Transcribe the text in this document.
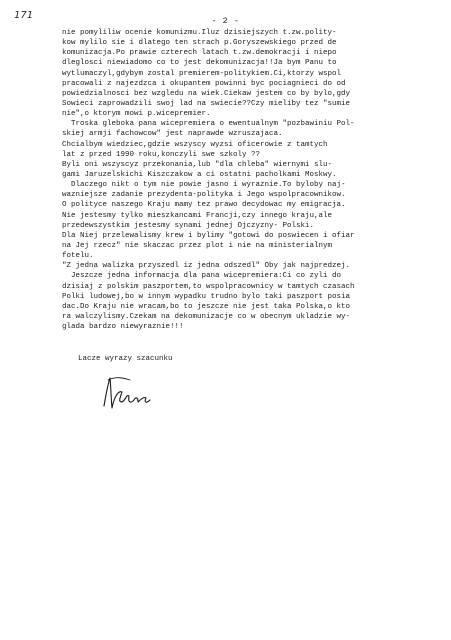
171	- 2 -
nie pomyliliw ocenie komunizmu.Iluz dzisiejszych t.zw.polity-
kow mylilo sie i dlatego ten strach p.Goryszewskiego przed de
komunizacja.Po prawie czterech latach t.zw.demokracji i niepo
dleglosci niewiadomo co to jest dekomunizacja!!Ja bym Panu to
wytlumaczyl,gdybym zostal premierem-politykiem.Ci,ktorzy wspol
pracowali z najezdzca i okupantem powinni byc pociagnieci do od
powiedzialnosci bez wzgledu na wiek.Ciekaw jestem co by bylo,gdy
Sowieci zaprowadzili swoj lad na swiecie??Czy mieliby tez "sumie
nie",o ktorym mowi p.wicepremier.
Troska gleboka pana wicepremiera o ewentualnym "pozbawiniu Pol-
skiej armji fachowcow" jest naprawde wzruszajaca.
Chcialbym wiedziec,gdzie wszyscy wyzsi oficerowie z tamtych
lat z przed 1990 roku,konczyli swe szkoly ??
Byli oni wszyscyz przekonania,lub "dla chleba" wiernymi slu-
gami Jaruzelskichi Kiszczakow a ci ostatni pacholkami Moskwy.
Dlaczego nikt o tym nie powie jasno i wyraznie.To byloby naj-
wazniejsze zadanie prezydenta-polityka i Jego wspolpracownikow.
O polityce naszego Kraju mamy tez prawo decydowac my emigracja.
Nie jestesmy tylko mieszkancami Francji,czy innego kraju,ale
przedewszystkim jestesmy synami jednej Ojczyzny- Polski.
Dla Niej przelewalismy krew i bylimy "gotowi do poswiecen i ofiar
na Jej rzecz" nie skaczac przez plot i nie na ministerialnym
fotelu.
"Z jedna walizka przyszedl iz jedna odszedl" Oby jak najpredzej.
Jeszcze jedna informacja dla pana wicepremiera:Ci co zyli do
dzisiaj z polskim paszportem,to wspolpracownicy w tamtych czasach
Polki ludowej,bo w innym wypadku trudno bylo taki paszport posia
dac.Do Kraju nie wracam,bo to jeszcze nie jest taka Polska,o kto
ra walczylismy.Czekam na dekomunizacje co w obecnym ukladzie wy-
glada bardzo niewyraznie!!!
Lacze wyrazy szacunku
